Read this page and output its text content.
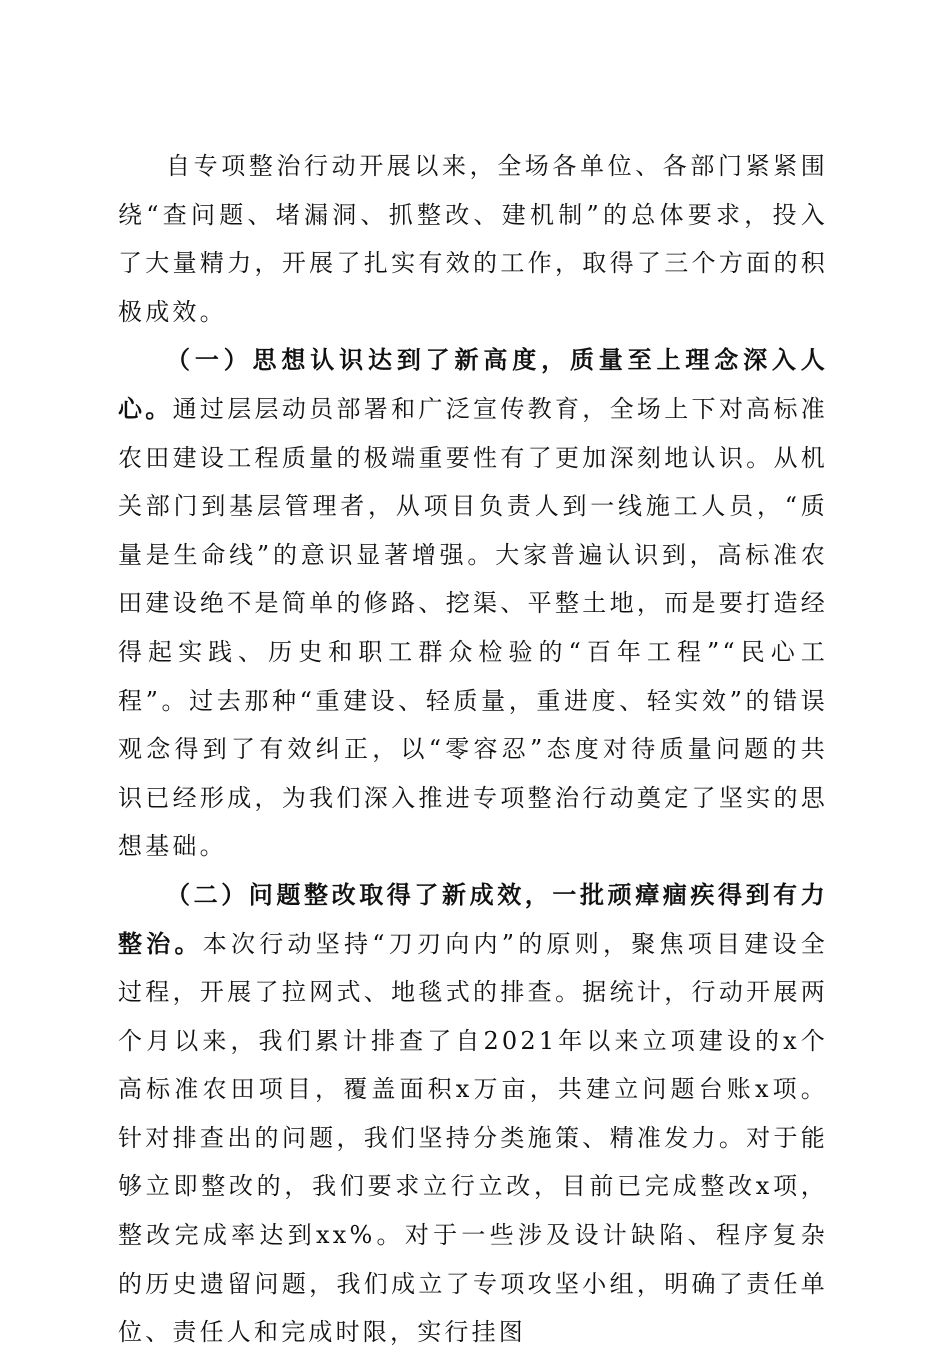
自专项整治行动开展以来，全场各单位、各部门紧紧围绕“查问题、堵漏洞、抓整改、建机制”的总体要求，投入了大量精力，开展了扎实有效的工作，取得了三个方面的积极成效。

（一）思想认识达到了新高度，质量至上理念深入人心。通过层层动员部署和广泛宣传教育，全场上下对高标准农田建设工程质量的极端重要性有了更加深刻地认识。从机关部门到基层管理者，从项目负责人到一线施工人员，“质量是生命线”的意识显著增强。大家普遍认识到，高标准农田建设绝不是简单的修路、挖渠、平整土地，而是要打造经得起实践、历史和职工群众检验的“百年工程”“民心工程”。过去那种“重建设、轻质量，重进度、轻实效”的错误观念得到了有效纠正，以“零容忍”态度对待质量问题的共识已经形成，为我们深入推进专项整治行动奠定了坚实的思想基础。

（二）问题整改取得了新成效，一批顽瘴痼疾得到有力整治。本次行动坚持“刀刃向内”的原则，聚焦项目建设全过程，开展了拉网式、地毯式的排查。据统计，行动开展两个月以来，我们累计排查了自2021年以来立项建设的x个高标准农田项目，覆盖面积x万亩，共建立问题台账x项。针对排查出的问题，我们坚持分类施策、精准发力。对于能够立即整改的，我们要求立行立改，目前已完成整改x项，整改完成率达到xx%。对于一些涉及设计缺陷、程序复杂的历史遗留问题，我们成立了专项攻坚小组，明确了责任单位、责任人和完成时限，实行挂图
